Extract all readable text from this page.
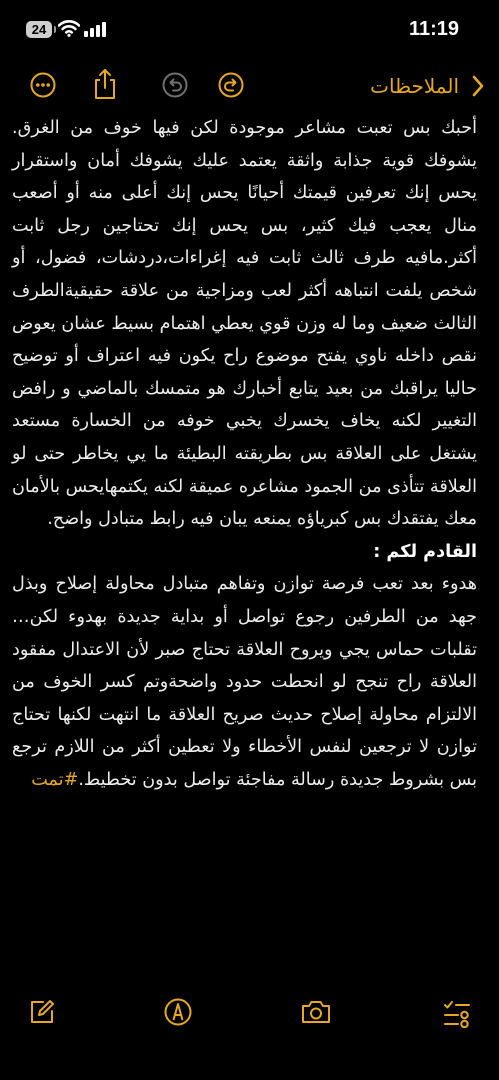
24	11:19
الملاحظات

أحبك بس تعبت مشاعر موجودة لكن فيها خوف من الغرق. يشوفك قوية جذابة واثقة يعتمد عليك يشوفك أمان واستقرار يحس إنك تعرفين قيمتك أحيانًا يحس إنك أعلى منه أو أصعب منال يعجب فيك كثير، بس يحس إنك تحتاجين رجل ثابت أكثر.مافيه طرف ثالث ثابت فيه إغراءات،دردشات، فضول، أو شخص يلفت انتباهه أكثر لعب ومزاجية من علاقة حقيقيةالطرف الثالث ضعيف وما له وزن قوي يعطي اهتمام بسيط عشان يعوض نقص داخله ناوي يفتح موضوع راح يكون فيه اعتراف أو توضيح حاليا يراقبك من بعيد يتابع أخبارك هو متمسك بالماضي و رافض التغيير لكنه يخاف يخسرك يخبي خوفه من الخسارة مستعد يشتغل على العلاقة بس بطريقته البطيئة ما يي يخاطر حتى لو العلاقة تتأذى من الجمود مشاعره عميقة لكنه يكتمهايحس بالأمان معك يفتقدك بس كبرياؤه يمنعه يبان فيه رابط متبادل واضح.

القادم لكم :

هدوء بعد تعب فرصة توازن وتفاهم متبادل محاولة إصلاح وبذل جهد من الطرفين رجوع تواصل أو بداية جديدة بهدوء لكن…تقلبات حماس يجي ويروح العلاقة تحتاج صبر لأن الاعتدال مفقود العلاقة راح تنجح لو انحطت حدود واضحةوتم كسر الخوف من الالتزام محاولة إصلاح حديث صريح العلاقة ما انتهت لكنها تحتاج توازن لا ترجعين لنفس الأخطاء ولا تعطين أكثر من اللازم ترجع بس بشروط جديدة رسالة مفاجئة تواصل بدون تخطيط.#تمت
